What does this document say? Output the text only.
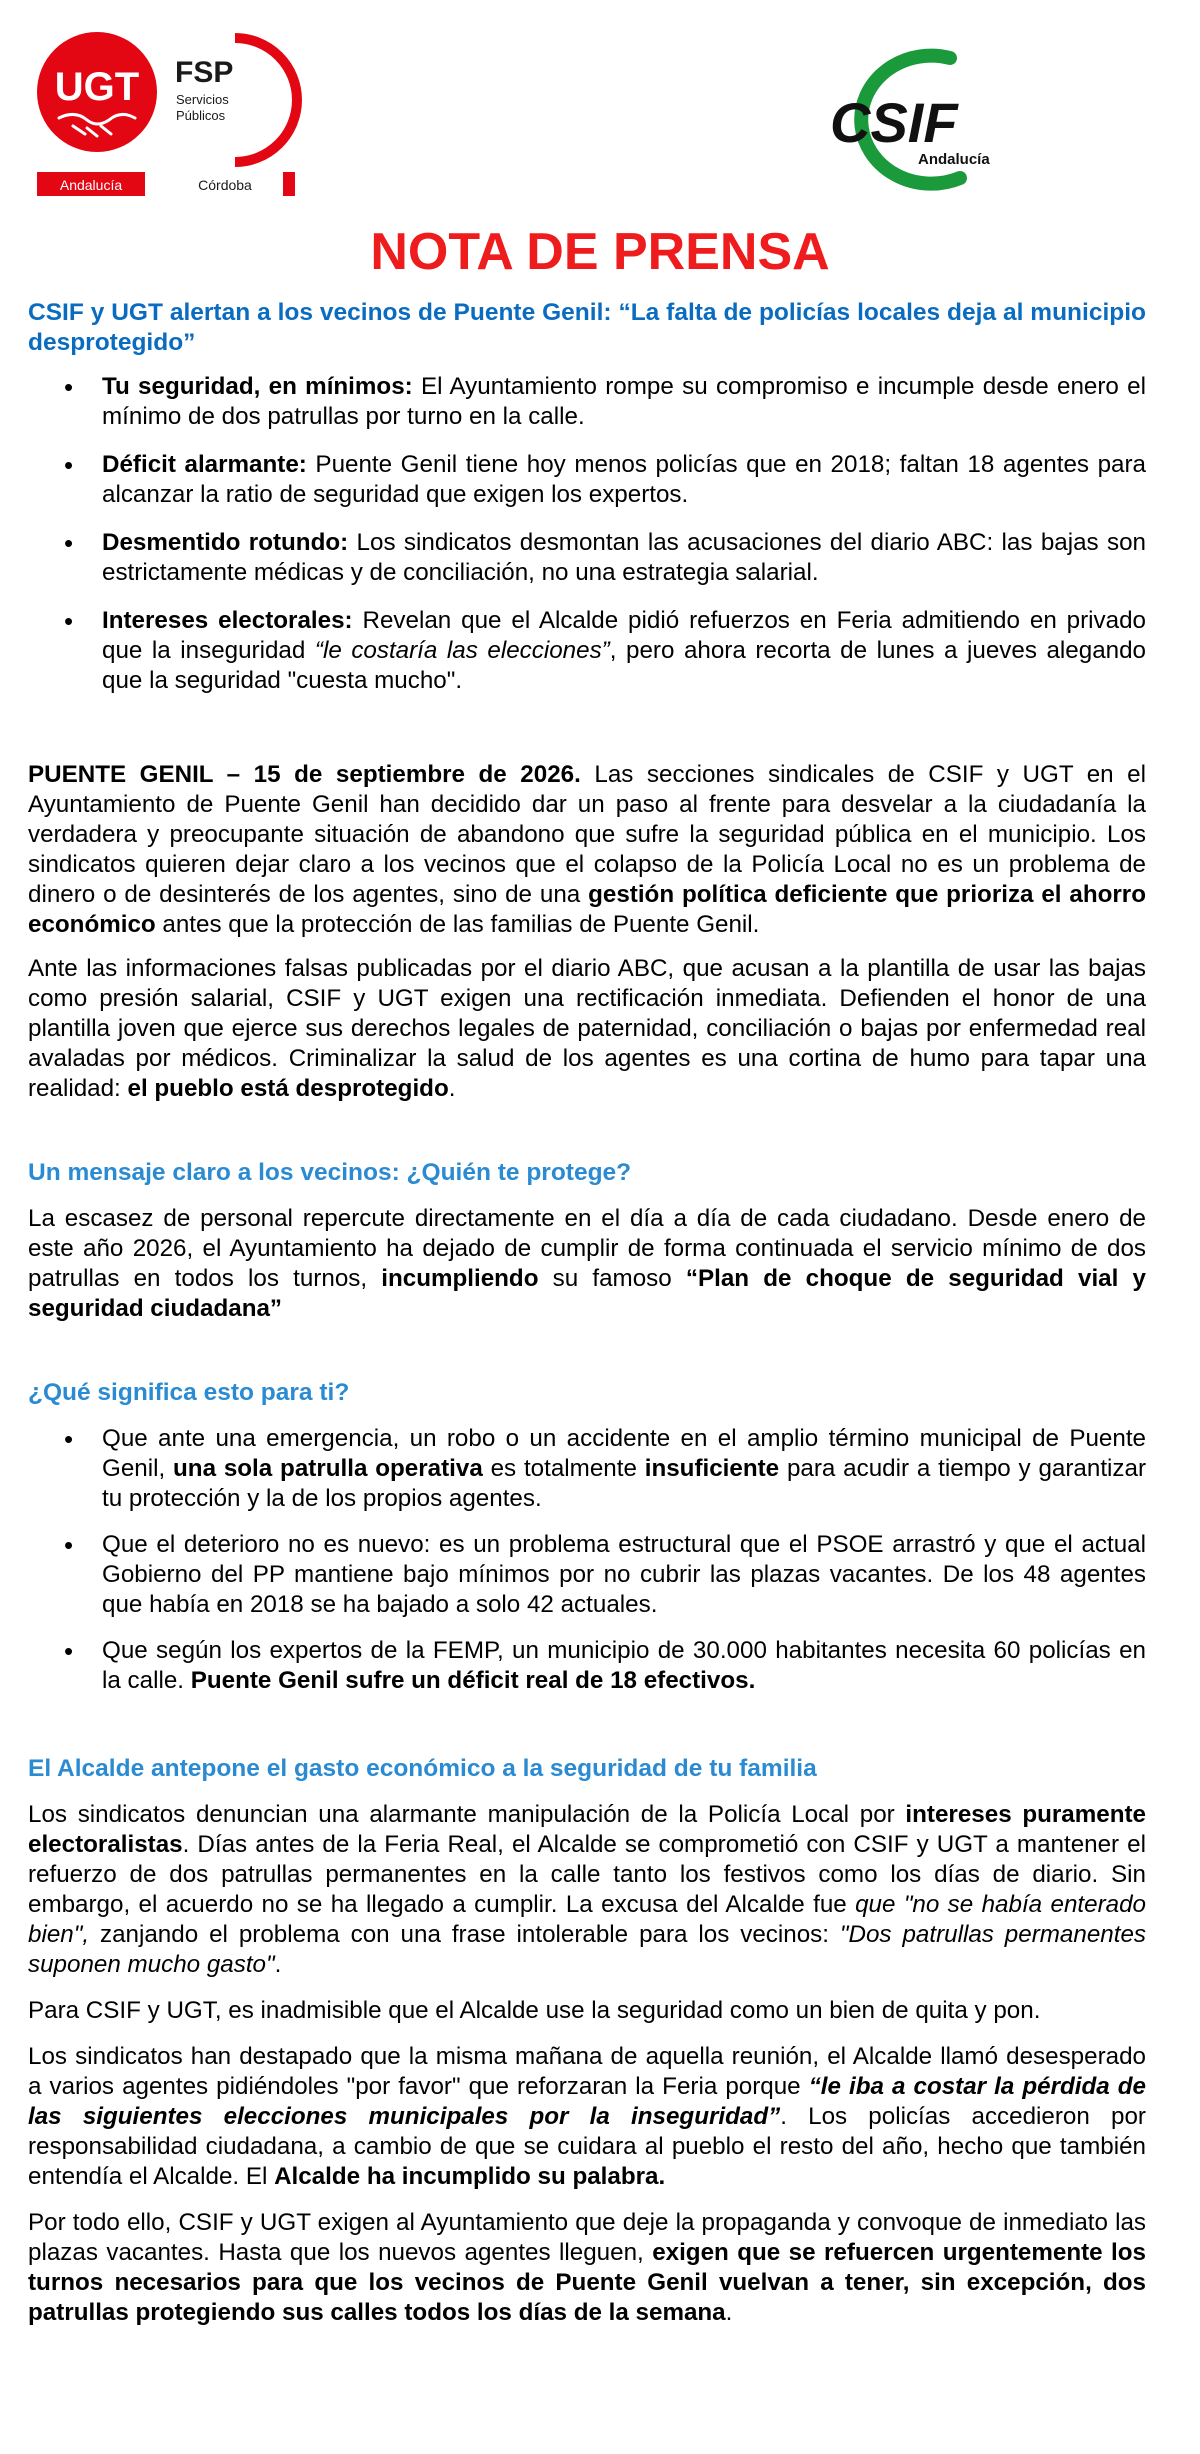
UGT FSP
Servicios
Públicos
Andalucía	Córdoba
CSIF
Andalucía
NOTA DE PRENSA

CSIF y UGT alertan a los vecinos de Puente Genil: “La falta de policías locales deja al municipio desprotegido”

• Tu seguridad, en mínimos: El Ayuntamiento rompe su compromiso e incumple desde enero el mínimo de dos patrullas por turno en la calle.
• Déficit alarmante: Puente Genil tiene hoy menos policías que en 2018; faltan 18 agentes para alcanzar la ratio de seguridad que exigen los expertos.
• Desmentido rotundo: Los sindicatos desmontan las acusaciones del diario ABC: las bajas son estrictamente médicas y de conciliación, no una estrategia salarial.
• Intereses electorales: Revelan que el Alcalde pidió refuerzos en Feria admitiendo en privado que la inseguridad “le costaría las elecciones”, pero ahora recorta de lunes a jueves alegando que la seguridad "cuesta mucho".

PUENTE GENIL – 15 de septiembre de 2026. Las secciones sindicales de CSIF y UGT en el Ayuntamiento de Puente Genil han decidido dar un paso al frente para desvelar a la ciudadanía la verdadera y preocupante situación de abandono que sufre la seguridad pública en el municipio. Los sindicatos quieren dejar claro a los vecinos que el colapso de la Policía Local no es un problema de dinero o de desinterés de los agentes, sino de una gestión política deficiente que prioriza el ahorro económico antes que la protección de las familias de Puente Genil.

Ante las informaciones falsas publicadas por el diario ABC, que acusan a la plantilla de usar las bajas como presión salarial, CSIF y UGT exigen una rectificación inmediata. Defienden el honor de una plantilla joven que ejerce sus derechos legales de paternidad, conciliación o bajas por enfermedad real avaladas por médicos. Criminalizar la salud de los agentes es una cortina de humo para tapar una realidad: el pueblo está desprotegido.

Un mensaje claro a los vecinos: ¿Quién te protege?

La escasez de personal repercute directamente en el día a día de cada ciudadano. Desde enero de este año 2026, el Ayuntamiento ha dejado de cumplir de forma continuada el servicio mínimo de dos patrullas en todos los turnos, incumpliendo su famoso “Plan de choque de seguridad vial y seguridad ciudadana”

¿Qué significa esto para ti?

• Que ante una emergencia, un robo o un accidente en el amplio término municipal de Puente Genil, una sola patrulla operativa es totalmente insuficiente para acudir a tiempo y garantizar tu protección y la de los propios agentes.
• Que el deterioro no es nuevo: es un problema estructural que el PSOE arrastró y que el actual Gobierno del PP mantiene bajo mínimos por no cubrir las plazas vacantes. De los 48 agentes que había en 2018 se ha bajado a solo 42 actuales.
• Que según los expertos de la FEMP, un municipio de 30.000 habitantes necesita 60 policías en la calle. Puente Genil sufre un déficit real de 18 efectivos.

El Alcalde antepone el gasto económico a la seguridad de tu familia

Los sindicatos denuncian una alarmante manipulación de la Policía Local por intereses puramente electoralistas. Días antes de la Feria Real, el Alcalde se comprometió con CSIF y UGT a mantener el refuerzo de dos patrullas permanentes en la calle tanto los festivos como los días de diario. Sin embargo, el acuerdo no se ha llegado a cumplir. La excusa del Alcalde fue que "no se había enterado bien", zanjando el problema con una frase intolerable para los vecinos: "Dos patrullas permanentes suponen mucho gasto".

Para CSIF y UGT, es inadmisible que el Alcalde use la seguridad como un bien de quita y pon.

Los sindicatos han destapado que la misma mañana de aquella reunión, el Alcalde llamó desesperado a varios agentes pidiéndoles "por favor" que reforzaran la Feria porque “le iba a costar la pérdida de las siguientes elecciones municipales por la inseguridad”. Los policías accedieron por responsabilidad ciudadana, a cambio de que se cuidara al pueblo el resto del año, hecho que también entendía el Alcalde. El Alcalde ha incumplido su palabra.

Por todo ello, CSIF y UGT exigen al Ayuntamiento que deje la propaganda y convoque de inmediato las plazas vacantes. Hasta que los nuevos agentes lleguen, exigen que se refuercen urgentemente los turnos necesarios para que los vecinos de Puente Genil vuelvan a tener, sin excepción, dos patrullas protegiendo sus calles todos los días de la semana.
